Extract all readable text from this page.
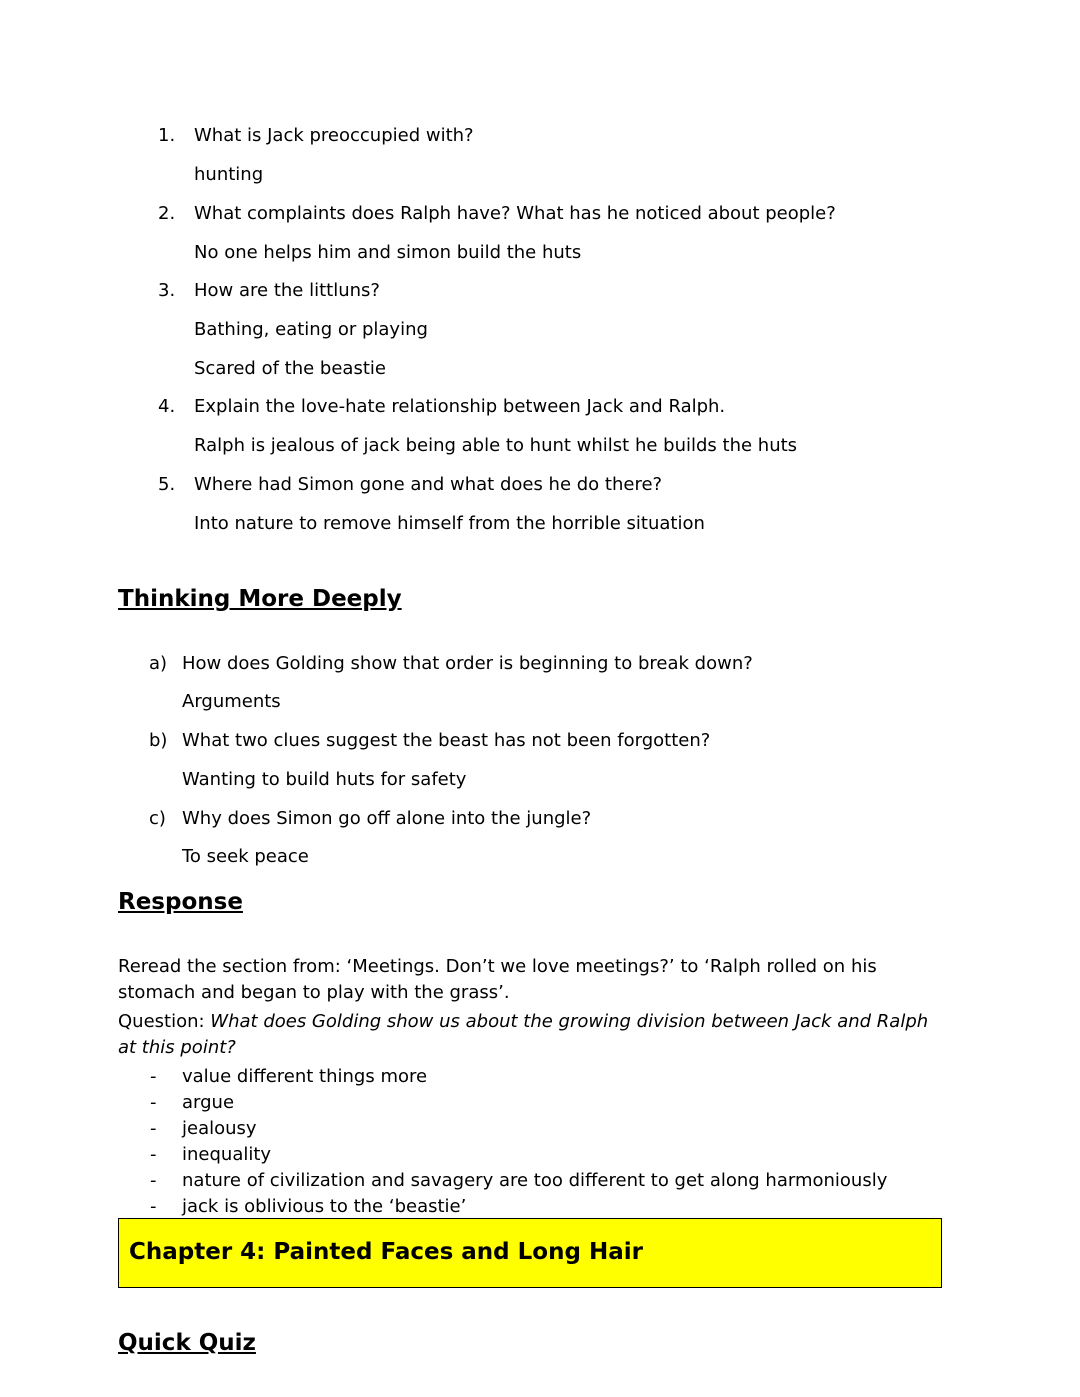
1.	What is Jack preoccupied with?
hunting
2.	What complaints does Ralph have? What has he noticed about people?
No one helps him and simon build the huts
3.	How are the littluns?
Bathing, eating or playing
Scared of the beastie
4.	Explain the love-hate relationship between Jack and Ralph.
Ralph is jealous of jack being able to hunt whilst he builds the huts
5.	Where had Simon gone and what does he do there?
Into nature to remove himself from the horrible situation
Thinking More Deeply
a) How does Golding show that order is beginning to break down?
Arguments
b) What two clues suggest the beast has not been forgotten?
Wanting to build huts for safety
c) Why does Simon go off alone into the jungle?
To seek peace
Response
Reread the section from: ‘Meetings. Don’t we love meetings?’ to ‘Ralph rolled on his stomach and began to play with the grass’.
Question: What does Golding show us about the growing division between Jack and Ralph at this point?
- value different things more
- argue
- jealousy
- inequality
- nature of civilization and savagery are too different to get along harmoniously
- jack is oblivious to the ‘beastie’
Chapter 4: Painted Faces and Long Hair
Quick Quiz
